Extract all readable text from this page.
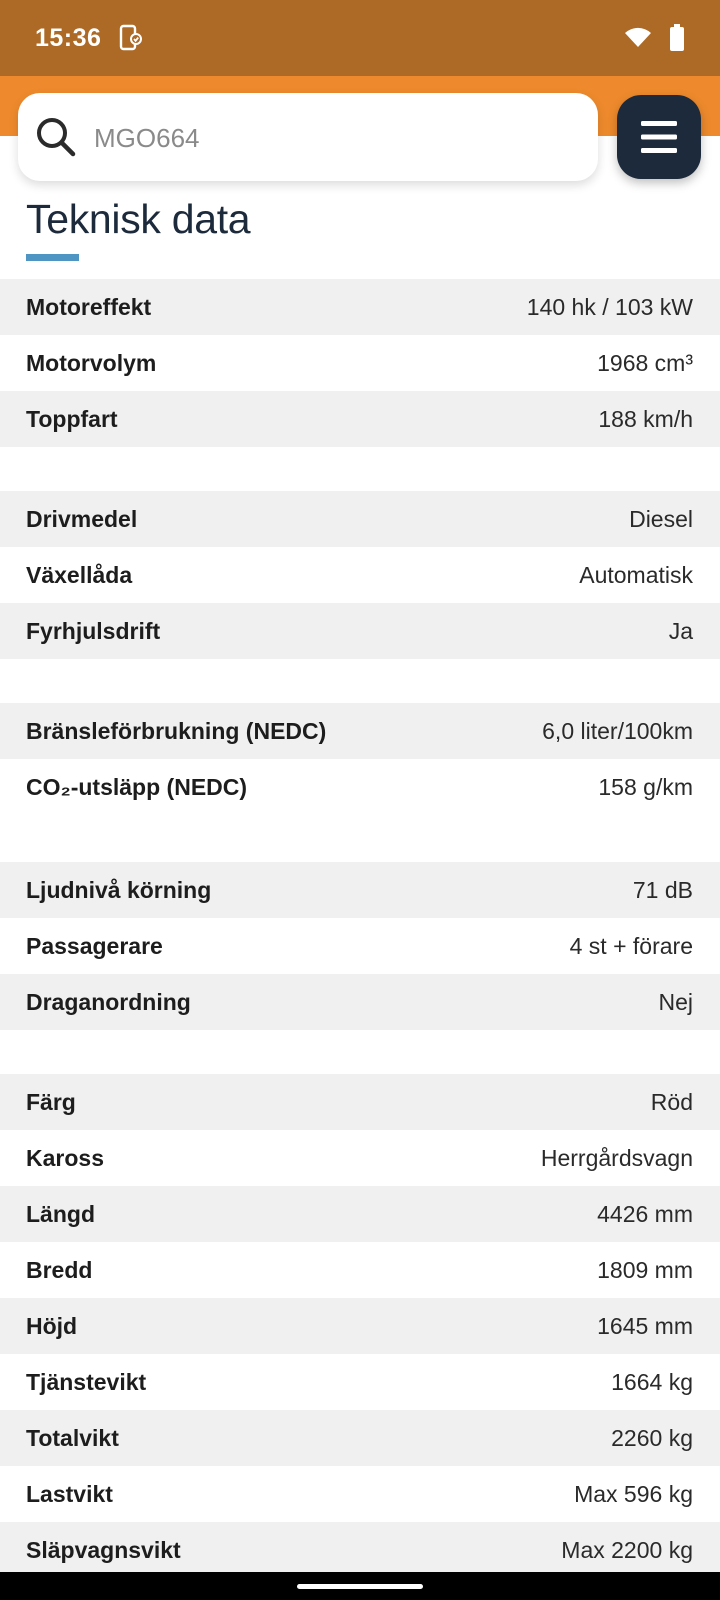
15:36
MGO664
Teknisk data
Motoreffekt	140 hk / 103 kW
Motorvolym	1968 cm³
Toppfart	188 km/h
Drivmedel	Diesel
Växellåda	Automatisk
Fyrhjulsdrift	Ja
Bränsleförbrukning (NEDC)	6,0 liter/100km
CO₂-utsläpp (NEDC)	158 g/km
Ljudnivå körning	71 dB
Passagerare	4 st + förare
Draganordning	Nej
Färg	Röd
Kaross	Herrgårdsvagn
Längd	4426 mm
Bredd	1809 mm
Höjd	1645 mm
Tjänstevikt	1664 kg
Totalvikt	2260 kg
Lastvikt	Max 596 kg
Släpvagnsvikt	Max 2200 kg
